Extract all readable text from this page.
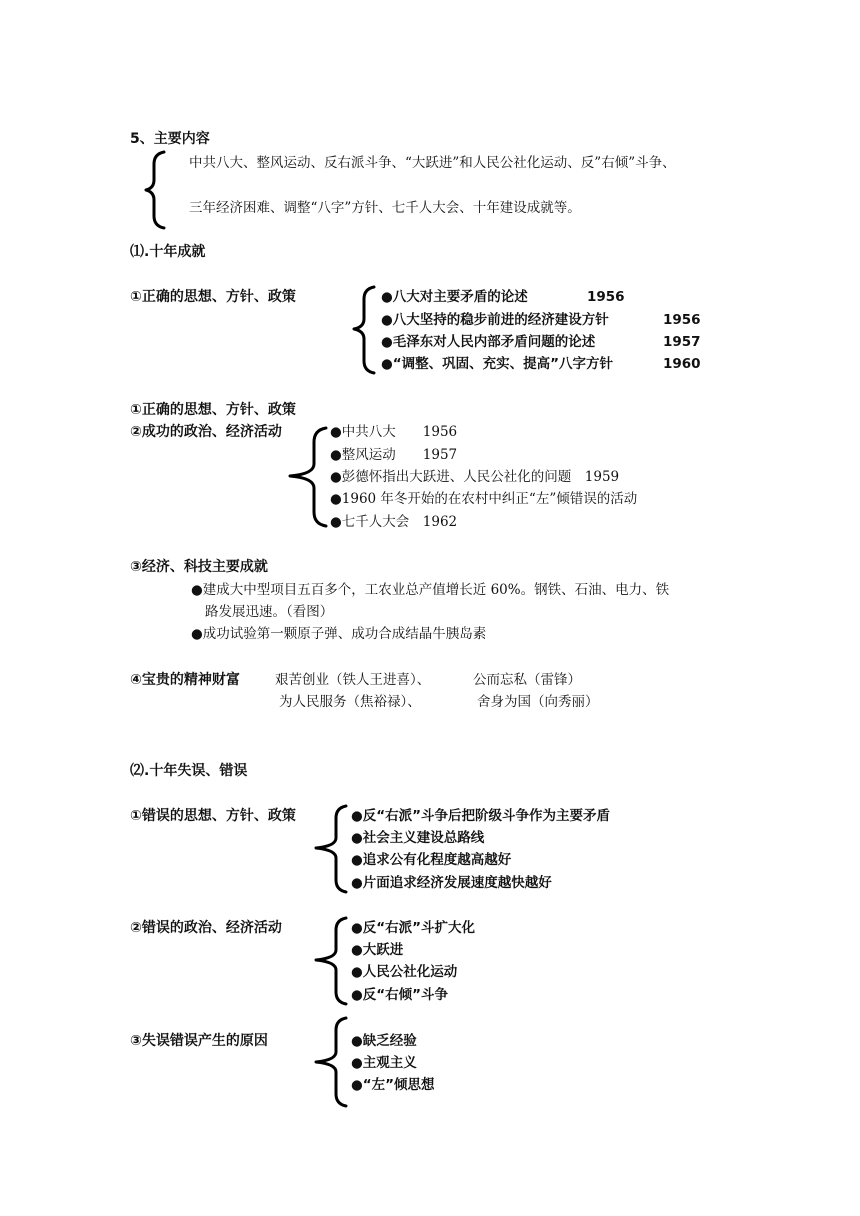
5、主要内容
中共八大、整风运动、反右派斗争、“大跃进”和人民公社化运动、反”右倾”斗争、
三年经济困难、调整“八字”方针、七千人大会、十年建设成就等。
⑴.十年成就
①正确的思想、方针、政策	●八大对主要矛盾的论述	1956
●八大坚持的稳步前进的经济建设方针	1956
●毛泽东对人民内部矛盾问题的论述	1957
●“调整、巩固、充实、提高”八字方针	1960
①正确的思想、方针、政策
②成功的政治、经济活动	●中共八大　　1956
●整风运动　　1957
●彭德怀指出大跃进、人民公社化的问题　1959
●1960 年冬开始的在农村中纠正“左”倾错误的活动
●七千人大会　1962
③经济、科技主要成就
●建成大中型项目五百多个，工农业总产值增长近 60%。钢铁、石油、电力、铁
路发展迅速。（看图）
●成功试验第一颗原子弹、成功合成结晶牛胰岛素
④宝贵的精神财富	艰苦创业（铁人王进喜）、	公而忘私（雷锋）
为人民服务（焦裕禄）、	舍身为国（向秀丽）
⑵.十年失误、错误
①错误的思想、方针、政策	●反“右派”斗争后把阶级斗争作为主要矛盾
●社会主义建设总路线
●追求公有化程度越高越好
●片面追求经济发展速度越快越好
②错误的政治、经济活动	●反“右派”斗扩大化
●大跃进
●人民公社化运动
●反“右倾”斗争
③失误错误产生的原因	●缺乏经验
●主观主义
●“左”倾思想
